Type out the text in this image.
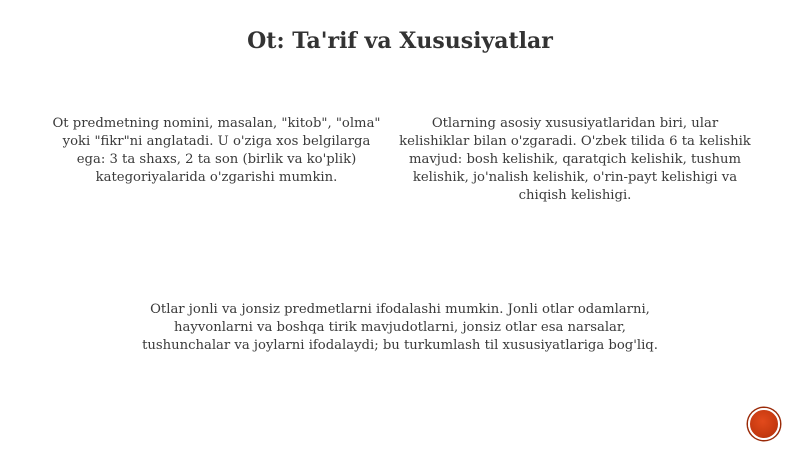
Ot: Ta'rif va Xususiyatlar

Ot predmetning nomini, masalan, "kitob", "olma" yoki "fikr"ni anglatadi. U o'ziga xos belgilarga ega: 3 ta shaxs, 2 ta son (birlik va ko'plik) kategoriyalarida o'zgarishi mumkin.

Otlarning asosiy xususiyatlaridan biri, ular kelishiklar bilan o'zgaradi. O'zbek tilida 6 ta kelishik mavjud: bosh kelishik, qaratqich kelishik, tushum kelishik, jo'nalish kelishik, o'rin-payt kelishigi va chiqish kelishigi.

Otlar jonli va jonsiz predmetlarni ifodalashi mumkin. Jonli otlar odamlarni, hayvonlarni va boshqa tirik mavjudotlarni, jonsiz otlar esa narsalar, tushunchalar va joylarni ifodalaydi; bu turkumlash til xususiyatlariga bog'liq.
